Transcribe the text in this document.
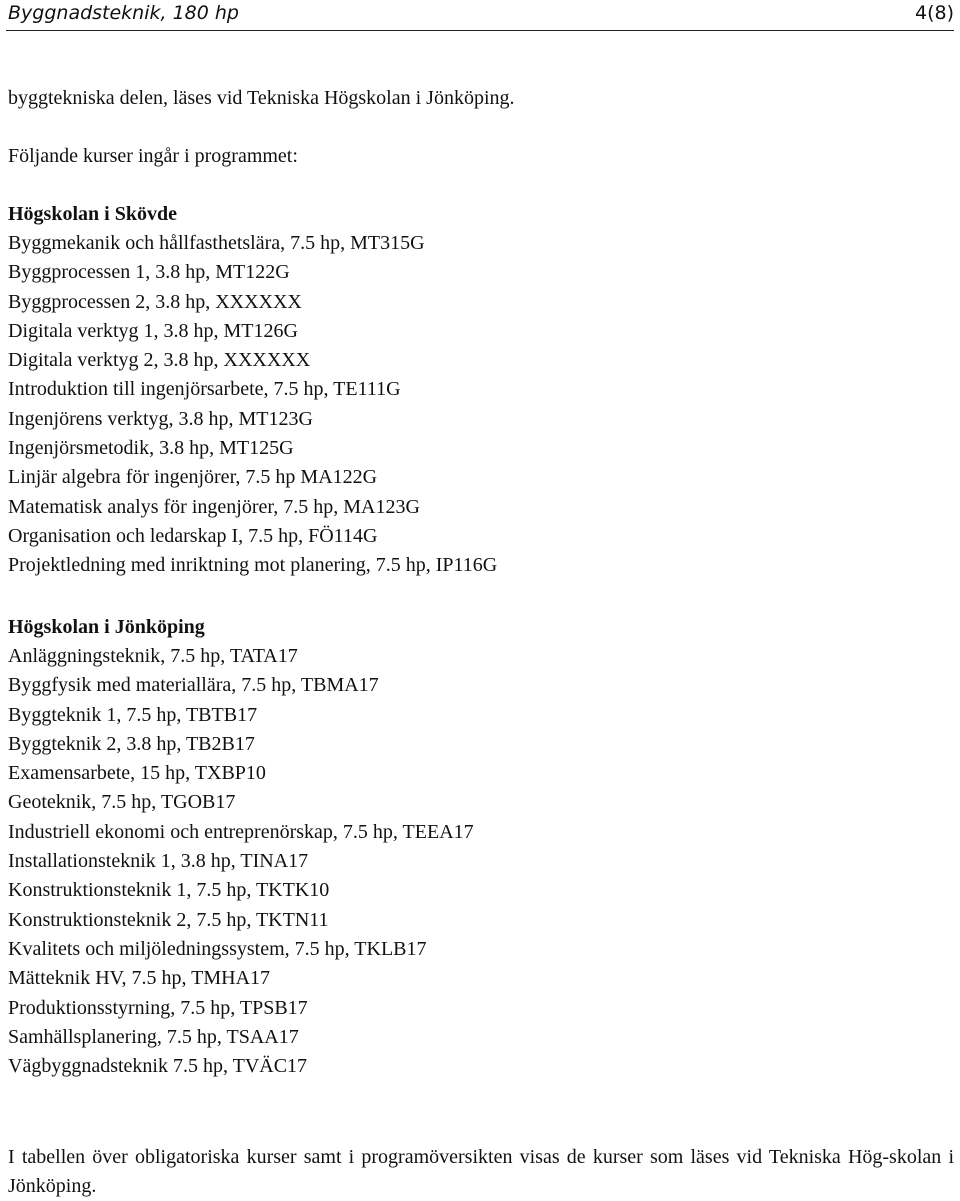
Byggnadsteknik, 180 hp	4(8)

byggtekniska delen, läses vid Tekniska Högskolan i Jönköping.

Följande kurser ingår i programmet:

Högskolan i Skövde
Byggmekanik och hållfasthetslära, 7.5 hp, MT315G
Byggprocessen 1, 3.8 hp, MT122G
Byggprocessen 2, 3.8 hp, XXXXXX
Digitala verktyg 1, 3.8 hp, MT126G
Digitala verktyg 2, 3.8 hp, XXXXXX
Introduktion till ingenjörsarbete, 7.5 hp, TE111G
Ingenjörens verktyg, 3.8 hp, MT123G
Ingenjörsmetodik, 3.8 hp, MT125G
Linjär algebra för ingenjörer, 7.5 hp MA122G
Matematisk analys för ingenjörer, 7.5 hp, MA123G
Organisation och ledarskap I, 7.5 hp, FÖ114G
Projektledning med inriktning mot planering, 7.5 hp, IP116G
Högskolan i Jönköping
Anläggningsteknik, 7.5 hp, TATA17
Byggfysik med materiallära, 7.5 hp, TBMA17
Byggteknik 1, 7.5 hp, TBTB17
Byggteknik 2, 3.8 hp, TB2B17
Examensarbete, 15 hp, TXBP10
Geoteknik, 7.5 hp, TGOB17
Industriell ekonomi och entreprenörskap, 7.5 hp, TEEA17
Installationsteknik 1, 3.8 hp, TINA17
Konstruktionsteknik 1, 7.5 hp, TKTK10
Konstruktionsteknik 2, 7.5 hp, TKTN11
Kvalitets och miljöledningssystem, 7.5 hp, TKLB17
Mätteknik HV, 7.5 hp, TMHA17
Produktionsstyrning, 7.5 hp, TPSB17
Samhällsplanering, 7.5 hp, TSAA17
Vägbyggnadsteknik 7.5 hp, TVÄC17

I tabellen över obligatoriska kurser samt i programöversikten visas de kurser som läses vid Tekniska Hög-skolan i Jönköping.
